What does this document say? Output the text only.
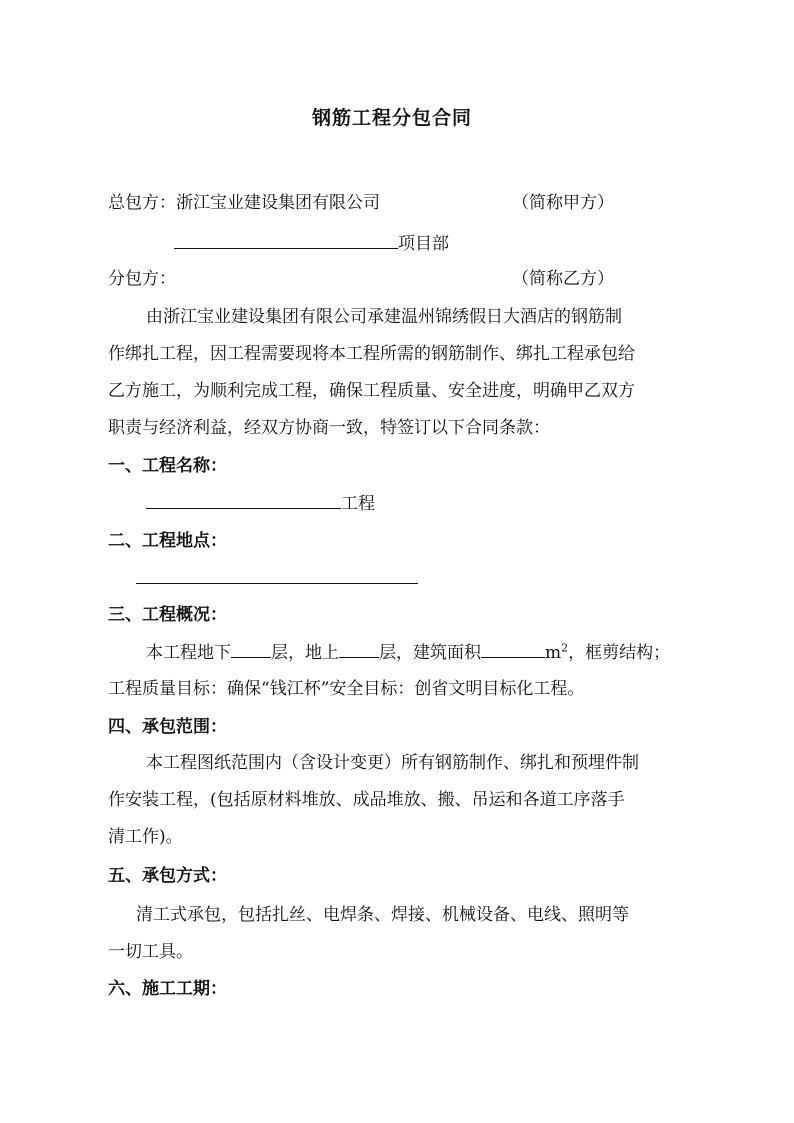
钢筋工程分包合同
总包方：浙江宝业建设集团有限公司	（简称甲方）
项目部
分包方：	（简称乙方）
由浙江宝业建设集团有限公司承建温州锦绣假日大酒店的钢筋制
作绑扎工程，因工程需要现将本工程所需的钢筋制作、绑扎工程承包给
乙方施工，为顺利完成工程，确保工程质量、安全进度，明确甲乙双方
职责与经济利益，经双方协商一致，特签订以下合同条款：
一、工程名称：
工程
二、工程地点：
三、工程概况：
本工程地下 层，地上 层，建筑面积	$m^2$，框剪结构；
工程质量目标：确保“钱江杯”安全目标：创省文明目标化工程。
四、承包范围：
本工程图纸范围内（含设计变更）所有钢筋制作、绑扎和预埋件制
作安装工程，(包括原材料堆放、成品堆放、搬、吊运和各道工序落手
清工作)。
五、承包方式：
清工式承包，包括扎丝、电焊条、焊接、机械设备、电线、照明等
一切工具。
六、施工工期：
